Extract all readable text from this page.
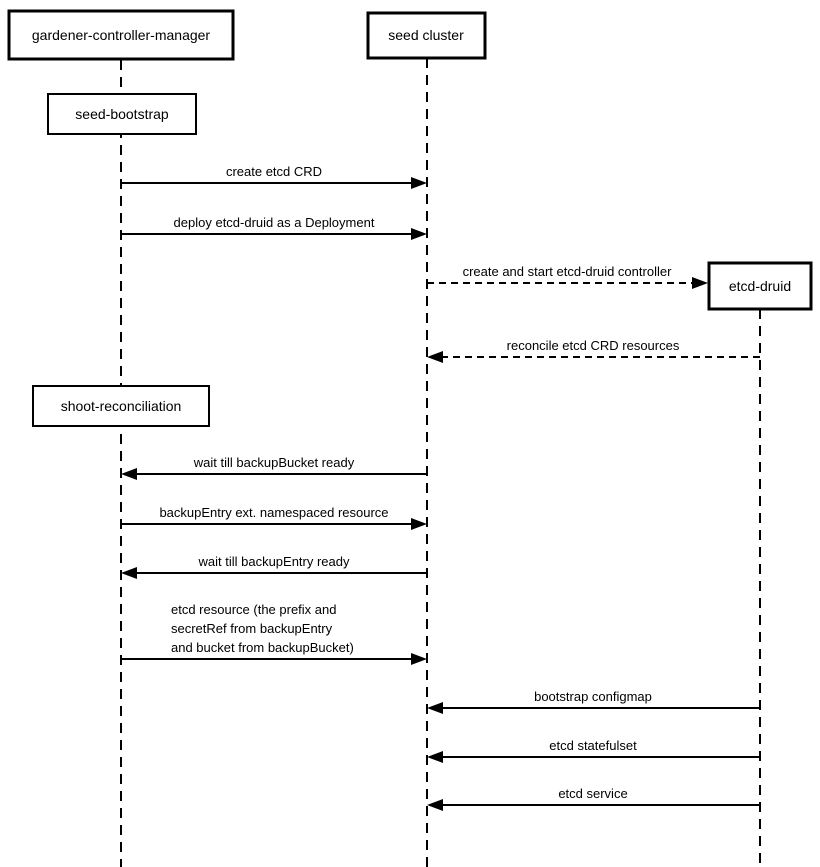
gardener-controller-manager	seed cluster
seed-bootstrap
create etcd CRD
deploy etcd-druid as a Deployment
create and start etcd-druid controller
etcd-druid
reconcile etcd CRD resources
shoot-reconciliation
wait till backupBucket ready
backupEntry ext. namespaced resource
wait till backupEntry ready
etcd resource (the prefix and
secretRef from backupEntry
and bucket from backupBucket)
bootstrap configmap
etcd statefulset
etcd service
